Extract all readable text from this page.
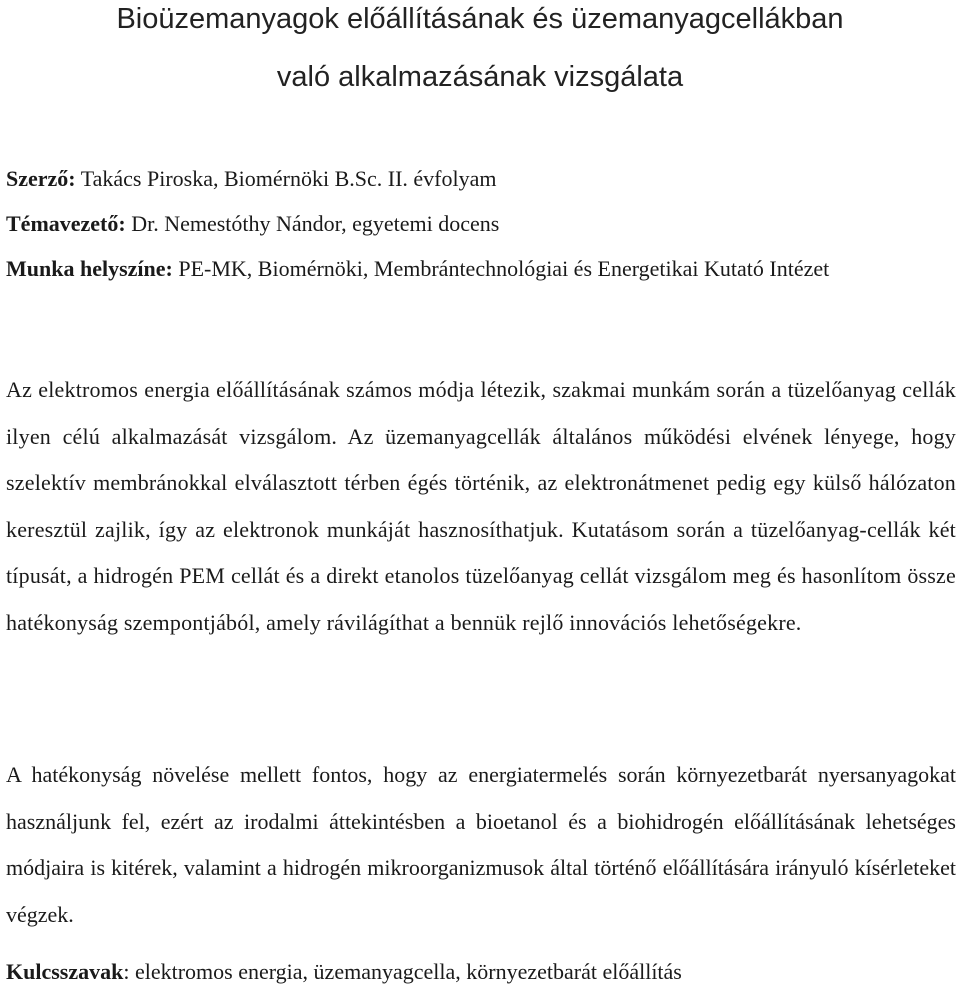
Bioüzemanyagok előállításának és üzemanyagcellákban
való alkalmazásának vizsgálata

Szerző: Takács Piroska, Biomérnöki B.Sc. II. évfolyam

Témavezető: Dr. Nemestóthy Nándor, egyetemi docens

Munka helyszíne: PE-MK, Biomérnöki, Membrántechnológiai és Energetikai Kutató Intézet

Az elektromos energia előállításának számos módja létezik, szakmai munkám során a tüzelőanyag cellák ilyen célú alkalmazását vizsgálom. Az üzemanyagcellák általános működési elvének lényege, hogy szelektív membránokkal elválasztott térben égés történik, az elektronátmenet pedig egy külső hálózaton keresztül zajlik, így az elektronok munkáját hasznosíthatjuk. Kutatásom során a tüzelőanyag-cellák két típusát, a hidrogén PEM cellát és a direkt etanolos tüzelőanyag cellát vizsgálom meg és hasonlítom össze hatékonyság szempontjából, amely rávilágíthat a bennük rejlő innovációs lehetőségekre.

A hatékonyság növelése mellett fontos, hogy az energiatermelés során környezetbarát nyersanyagokat használjunk fel, ezért az irodalmi áttekintésben a bioetanol és a biohidrogén előállításának lehetséges módjaira is kitérek, valamint a hidrogén mikroorganizmusok által történő előállítására irányuló kísérleteket végzek.

Kulcsszavak: elektromos energia, üzemanyagcella, környezetbarát előállítás
